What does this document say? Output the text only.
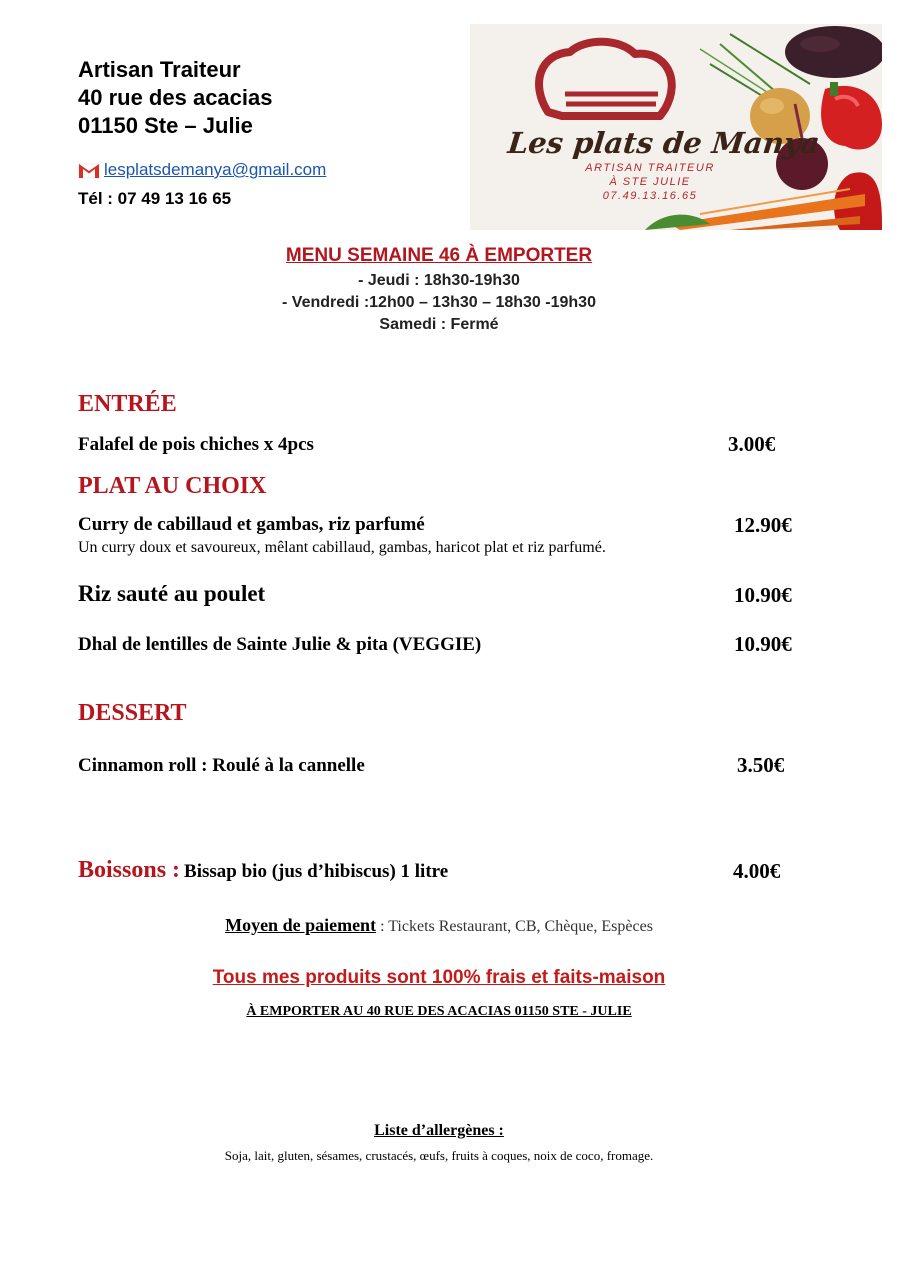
Artisan Traiteur
40 rue des acacias
01150 Ste – Julie
lesplatsdemanya@gmail.com
Tél : 07 49 13 16 65
Les plats de Manya
ARTISAN TRAITEUR
À STE JULIE
07.49.13.16.65
MENU SEMAINE 46 À EMPORTER
- Jeudi : 18h30-19h30
- Vendredi :12h00 – 13h30 – 18h30 -19h30
Samedi : Fermé
ENTRÉE
Falafel de pois chiches x 4pcs	3.00€
PLAT AU CHOIX
Curry de cabillaud et gambas, riz parfumé	12.90€
Un curry doux et savoureux, mêlant cabillaud, gambas, haricot plat et riz parfumé.
Riz sauté au poulet	10.90€
Dhal de lentilles de Sainte Julie & pita (VEGGIE)	10.90€
DESSERT
Cinnamon roll : Roulé à la cannelle	3.50€
Boissons : Bissap bio (jus d’hibiscus) 1 litre	4.00€
Moyen de paiement : Tickets Restaurant, CB, Chèque, Espèces
Tous mes produits sont 100% frais et faits-maison
À EMPORTER AU 40 RUE DES ACACIAS 01150 STE - JULIE
Liste d’allergènes :
Soja, lait, gluten, sésames, crustacés, œufs, fruits à coques, noix de coco, fromage.
